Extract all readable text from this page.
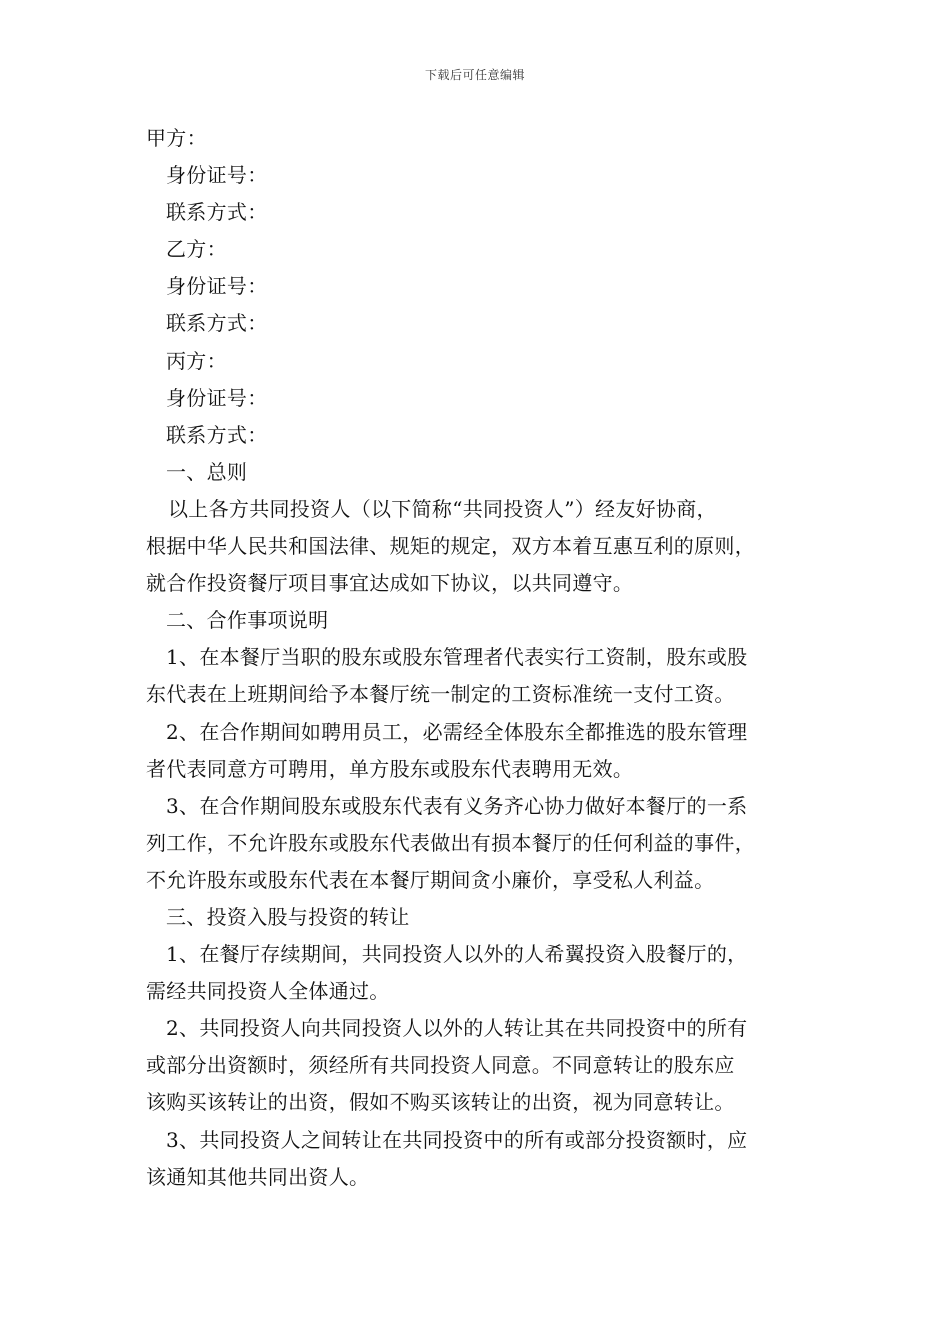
下载后可任意编辑
甲方：
身份证号：
联系方式：
乙方：
身份证号：
联系方式：
丙方：
身份证号：
联系方式：
一、总则
以上各方共同投资人（以下简称“共同投资人”）经友好协商，
根据中华人民共和国法律、规矩的规定，双方本着互惠互利的原则，
就合作投资餐厅项目事宜达成如下协议，以共同遵守。
二、合作事项说明
1、在本餐厅当职的股东或股东管理者代表实行工资制，股东或股
东代表在上班期间给予本餐厅统一制定的工资标准统一支付工资。
2、在合作期间如聘用员工，必需经全体股东全都推选的股东管理
者代表同意方可聘用，单方股东或股东代表聘用无效。
3、在合作期间股东或股东代表有义务齐心协力做好本餐厅的一系
列工作，不允许股东或股东代表做出有损本餐厅的任何利益的事件，
不允许股东或股东代表在本餐厅期间贪小廉价，享受私人利益。
三、投资入股与投资的转让
1、在餐厅存续期间，共同投资人以外的人希翼投资入股餐厅的，
需经共同投资人全体通过。
2、共同投资人向共同投资人以外的人转让其在共同投资中的所有
或部分出资额时，须经所有共同投资人同意。不同意转让的股东应
该购买该转让的出资，假如不购买该转让的出资，视为同意转让。
3、共同投资人之间转让在共同投资中的所有或部分投资额时，应
该通知其他共同出资人。
